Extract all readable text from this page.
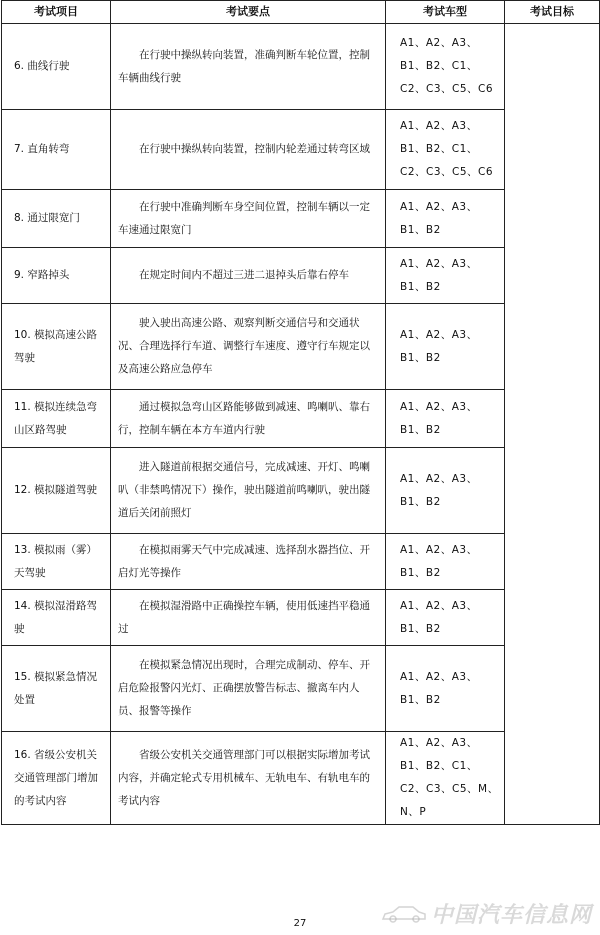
考试项目	考试要点	考试车型	考试目标
6. 曲线行驶	在行驶中操纵转向装置，准确判断车轮位置，控制车辆曲线行驶	A1、A2、A3、B1、B2、C1、C2、C3、C5、C6	
7. 直角转弯	在行驶中操纵转向装置，控制内轮差通过转弯区域	A1、A2、A3、B1、B2、C1、C2、C3、C5、C6	
8. 通过限宽门	在行驶中准确判断车身空间位置，控制车辆以一定车速通过限宽门	A1、A2、A3、B1、B2	
9. 窄路掉头	在规定时间内不超过三进二退掉头后靠右停车	A1、A2、A3、B1、B2	
10. 模拟高速公路驾驶	驶入驶出高速公路、观察判断交通信号和交通状况、合理选择行车道、调整行车速度、遵守行车规定以及高速公路应急停车	A1、A2、A3、B1、B2	
11. 模拟连续急弯山区路驾驶	通过模拟急弯山区路能够做到减速、鸣喇叭、靠右行，控制车辆在本方车道内行驶	A1、A2、A3、B1、B2	
12. 模拟隧道驾驶	进入隧道前根据交通信号，完成减速、开灯、鸣喇叭（非禁鸣情况下）操作，驶出隧道前鸣喇叭，驶出隧道后关闭前照灯	A1、A2、A3、B1、B2	
13. 模拟雨（雾）天驾驶	在模拟雨雾天气中完成减速、选择刮水器挡位、开启灯光等操作	A1、A2、A3、B1、B2	
14. 模拟湿滑路驾驶	在模拟湿滑路中正确操控车辆，使用低速挡平稳通过	A1、A2、A3、B1、B2	
15. 模拟紧急情况处置	在模拟紧急情况出现时，合理完成制动、停车、开启危险报警闪光灯、正确摆放警告标志、撤离车内人员、报警等操作	A1、A2、A3、B1、B2	
16. 省级公安机关交通管理部门增加的考试内容	省级公安机关交通管理部门可以根据实际增加考试内容，并确定轮式专用机械车、无轨电车、有轨电车的考试内容	A1、A2、A3、B1、B2、C1、C2、C3、C5、M、N、P	
中国汽车信息网
27
